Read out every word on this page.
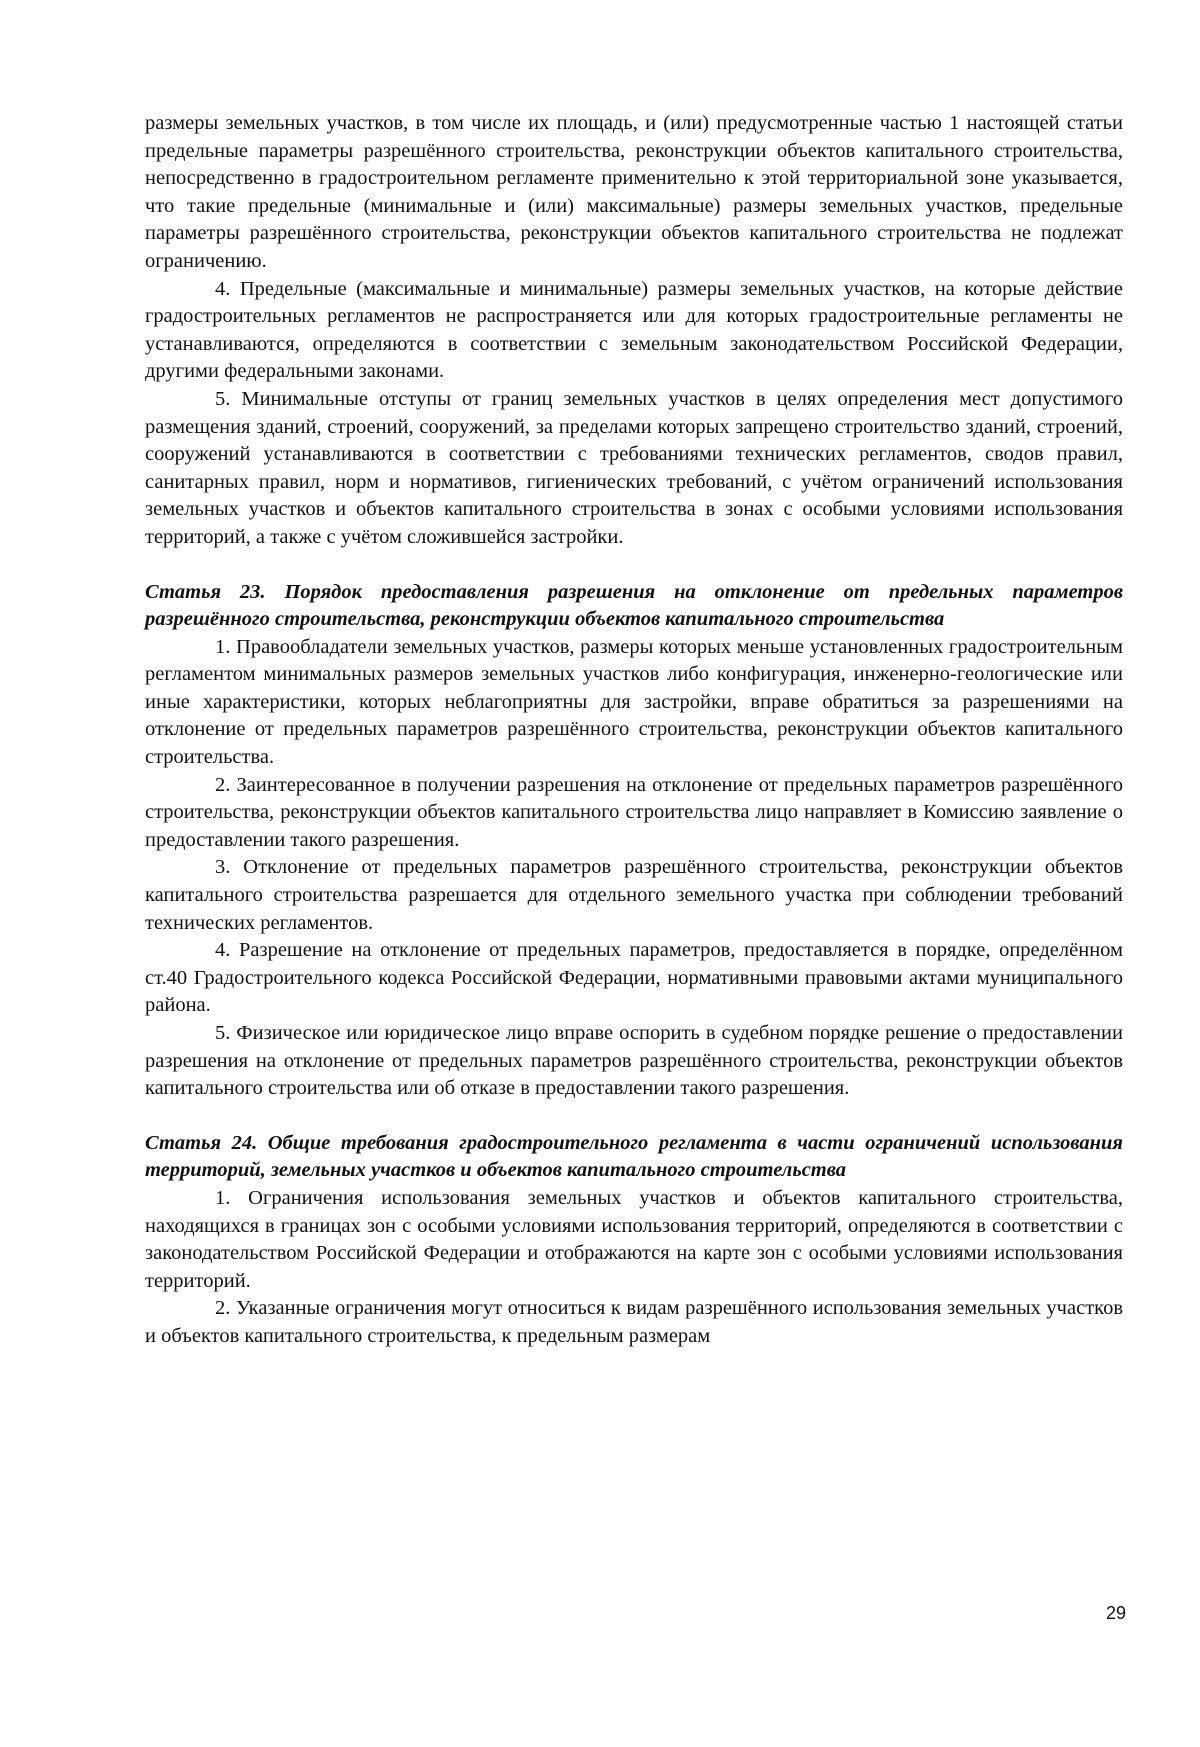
размеры земельных участков, в том числе их площадь, и (или) предусмотренные частью 1 настоящей статьи предельные параметры разрешённого строительства, реконструкции объектов капитального строительства, непосредственно в градостроительном регламенте применительно к этой территориальной зоне указывается, что такие предельные (минимальные и (или) максимальные) размеры земельных участков, предельные параметры разрешённого строительства, реконструкции объектов капитального строительства не подлежат ограничению.

4. Предельные (максимальные и минимальные) размеры земельных участков, на которые действие градостроительных регламентов не распространяется или для которых градостроительные регламенты не устанавливаются, определяются в соответствии с земельным законодательством Российской Федерации, другими федеральными законами.

5. Минимальные отступы от границ земельных участков в целях определения мест допустимого размещения зданий, строений, сооружений, за пределами которых запрещено строительство зданий, строений, сооружений устанавливаются в соответствии с требованиями технических регламентов, сводов правил, санитарных правил, норм и нормативов, гигиенических требований, с учётом ограничений использования земельных участков и объектов капитального строительства в зонах с особыми условиями использования территорий, а также с учётом сложившейся застройки.

Статья 23. Порядок предоставления разрешения на отклонение от предельных параметров разрешённого строительства, реконструкции объектов капитального строительства

1. Правообладатели земельных участков, размеры которых меньше установленных градостроительным регламентом минимальных размеров земельных участков либо конфигурация, инженерно-геологические или иные характеристики, которых неблагоприятны для застройки, вправе обратиться за разрешениями на отклонение от предельных параметров разрешённого строительства, реконструкции объектов капитального строительства.

2. Заинтересованное в получении разрешения на отклонение от предельных параметров разрешённого строительства, реконструкции объектов капитального строительства лицо направляет в Комиссию заявление о предоставлении такого разрешения.

3. Отклонение от предельных параметров разрешённого строительства, реконструкции объектов капитального строительства разрешается для отдельного земельного участка при соблюдении требований технических регламентов.

4. Разрешение на отклонение от предельных параметров, предоставляется в порядке, определённом ст.40 Градостроительного кодекса Российской Федерации, нормативными правовыми актами муниципального района.

5. Физическое или юридическое лицо вправе оспорить в судебном порядке решение о предоставлении разрешения на отклонение от предельных параметров разрешённого строительства, реконструкции объектов капитального строительства или об отказе в предоставлении такого разрешения.

Статья 24. Общие требования градостроительного регламента в части ограничений использования территорий, земельных участков и объектов капитального строительства

1. Ограничения использования земельных участков и объектов капитального строительства, находящихся в границах зон с особыми условиями использования территорий, определяются в соответствии с законодательством Российской Федерации и отображаются на карте зон с особыми условиями использования территорий.

2. Указанные ограничения могут относиться к видам разрешённого использования земельных участков и объектов капитального строительства, к предельным размерам

29
